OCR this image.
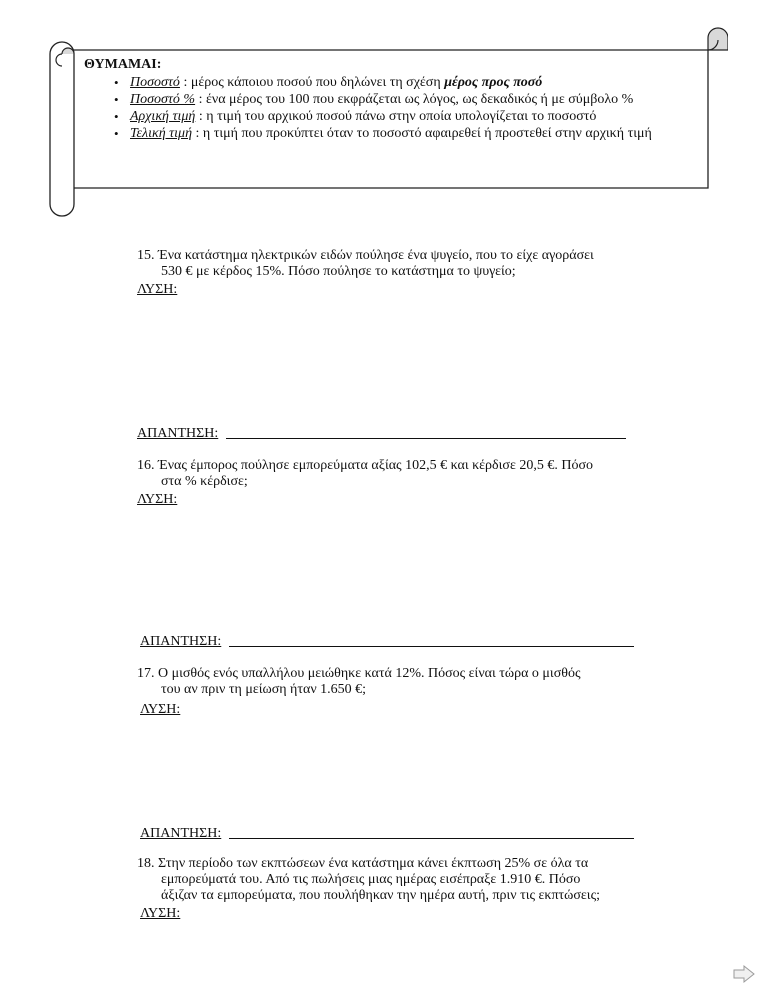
ΘΥΜΑΜΑΙ:
• Ποσοστό : μέρος κάποιου ποσού που δηλώνει τη σχέση μέρος προς ποσό
• Ποσοστό % : ένα μέρος του 100 που εκφράζεται ως λόγος, ως δεκαδικός ή με σύμβολο %
• Αρχική τιμή : η τιμή του αρχικού ποσού πάνω στην οποία υπολογίζεται το ποσοστό
• Τελική τιμή : η τιμή που προκύπτει όταν το ποσοστό αφαιρεθεί ή προστεθεί στην αρχική τιμή
15. Ένα κατάστημα ηλεκτρικών ειδών πούλησε ένα ψυγείο, που το είχε αγοράσει
530 € με κέρδος 15%. Πόσο πούλησε το κατάστημα το ψυγείο;
ΛΥΣΗ:
ΑΠΑΝΤΗΣΗ:
16. Ένας έμπορος πούλησε εμπορεύματα αξίας 102,5 € και κέρδισε 20,5 €. Πόσο
στα % κέρδισε;
ΛΥΣΗ:
ΑΠΑΝΤΗΣΗ:
17. Ο μισθός ενός υπαλλήλου μειώθηκε κατά 12%. Πόσος είναι τώρα ο μισθός
του αν πριν τη μείωση ήταν 1.650 €;
ΛΥΣΗ:
ΑΠΑΝΤΗΣΗ:
18. Στην περίοδο των εκπτώσεων ένα κατάστημα κάνει έκπτωση 25% σε όλα τα
εμπορεύματά του. Από τις πωλήσεις μιας ημέρας εισέπραξε 1.910 €. Πόσο
άξιζαν τα εμπορεύματα, που πουλήθηκαν την ημέρα αυτή, πριν τις εκπτώσεις;
ΛΥΣΗ:
